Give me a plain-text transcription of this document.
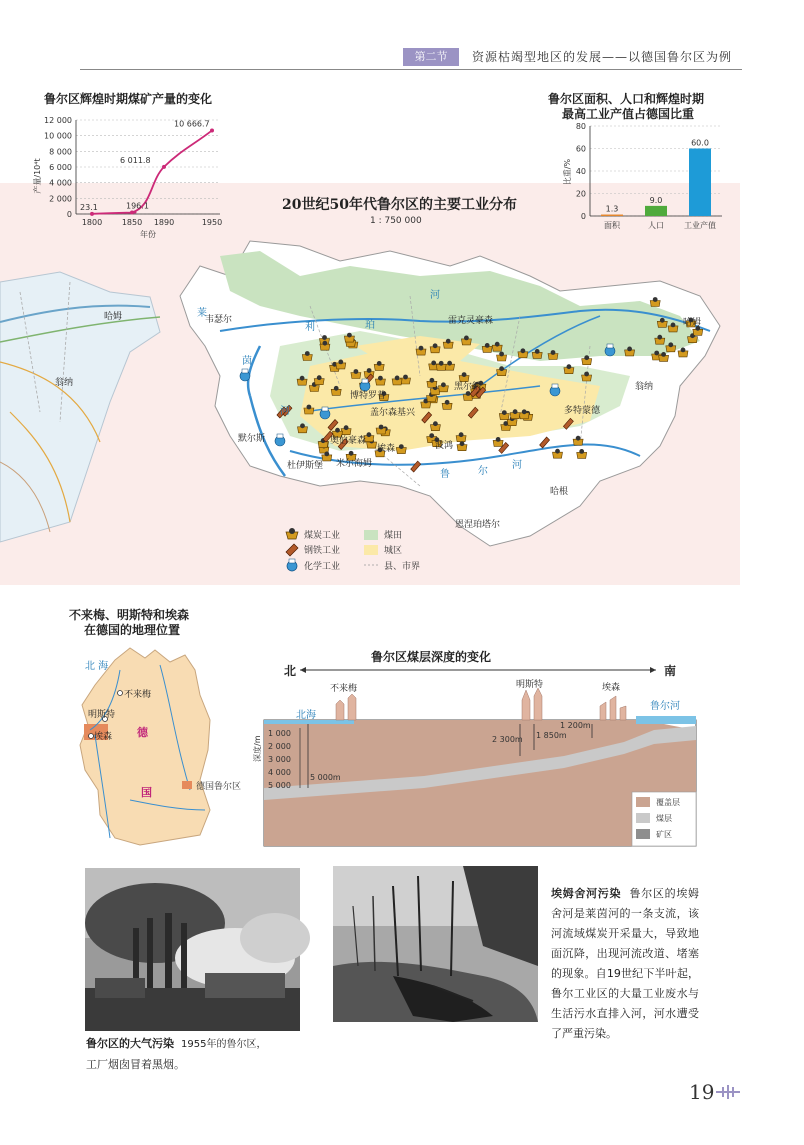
第二节	资源枯竭型地区的发展——以德国鲁尔区为例
哈姆
翁纳
莱
茵
河
利	珀
河
鲁	尔
河
韦瑟尔	雷克灵豪森	哈姆
翁纳
博特罗普
黑尔纳
盖尔森基兴	多特蒙德
奥伯豪森
默尔斯
埃森	波鸿
杜伊斯堡 米尔海姆
哈根
恩涅珀塔尔
20世纪50年代鲁尔区的主要工业分布
1 : 750 000
煤炭工业	煤田
钢铁工业	城区
化学工业	县、市界
鲁尔区辉煌时期煤矿产量的变化
12 000
10 000
8 000
6 000
4 000
2 000
0
1800 1850 1890	1950
产量/10⁴t
年份
23.1	196.1
6 011.8
10 666.7
鲁尔区面积、人口和辉煌时期
最高工业产值占德国比重
80
60
40
20
0
比重/%
1.3
面积
9.0
人口
60.0
工业产值
不来梅、明斯特和埃森
在德国的地理位置
北 海
不来梅
明斯特
埃森 德
国	德国鲁尔区
鲁尔区煤层深度的变化
北	南
不来梅	明斯特	埃森
北海
鲁尔河
深度/m
1 000
2 000
3 000
4 000
5 000
5 000m
2 300m 1 850m
1 200m
覆盖层
煤层
矿区
鲁尔区的大气污染 1955年的鲁尔区，
工厂烟囱冒着黑烟。
埃姆舍河污染 鲁尔区的埃姆舍河是莱茵河的一条支流，该河流域煤炭开采量大，导致地面沉降，出现河流改道、堵塞的现象。自19世纪下半叶起，鲁尔工业区的大量工业废水与生活污水直排入河，河水遭受了严重污染。
19
